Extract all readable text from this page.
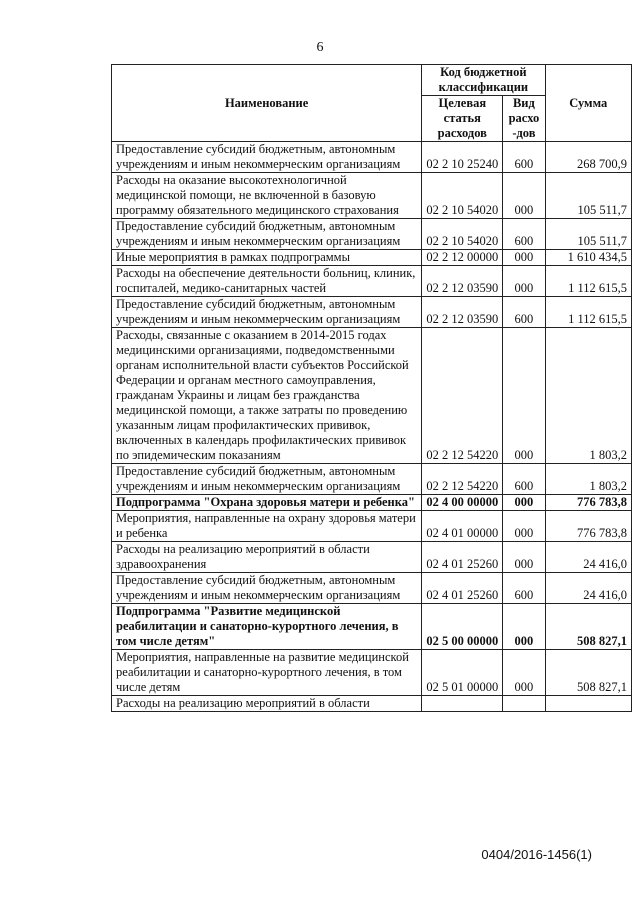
6
Наименование	Код бюджетной классификации		Сумма
	Целевая статья расходов	Вид расхо -дов	
Предоставление субсидий бюджетным, автономным учреждениям и иным некоммерческим организациям	02 2 10 25240	600	268 700,9
Расходы на оказание высокотехнологичной медицинской помощи, не включенной в базовую программу обязательного медицинского страхования	02 2 10 54020	000	105 511,7
Предоставление субсидий бюджетным, автономным учреждениям и иным некоммерческим организациям	02 2 10 54020	600	105 511,7
Иные мероприятия в рамках подпрограммы	02 2 12 00000	000	1 610 434,5
Расходы на обеспечение деятельности больниц, клиник, госпиталей, медико-санитарных частей	02 2 12 03590	000	1 112 615,5
Предоставление субсидий бюджетным, автономным учреждениям и иным некоммерческим организациям	02 2 12 03590	600	1 112 615,5
Расходы, связанные с оказанием в 2014-2015 годах медицинскими организациями, подведомственными органам исполнительной власти субъектов Российской Федерации и органам местного самоуправления, гражданам Украины и лицам без гражданства медицинской помощи, а также затраты по проведению указанным лицам профилактических прививок, включенных в календарь профилактических прививок по эпидемическим показаниям	02 2 12 54220	000	1 803,2
Предоставление субсидий бюджетным, автономным учреждениям и иным некоммерческим организациям	02 2 12 54220	600	1 803,2
Подпрограмма "Охрана здоровья матери и ребенка"	02 4 00 00000	000	776 783,8
Мероприятия, направленные на охрану здоровья матери и ребенка	02 4 01 00000	000	776 783,8
Расходы на реализацию мероприятий в области здравоохранения	02 4 01 25260	000	24 416,0
Предоставление субсидий бюджетным, автономным учреждениям и иным некоммерческим организациям	02 4 01 25260	600	24 416,0
Подпрограмма "Развитие медицинской реабилитации и санаторно-курортного лечения, в том числе детям"	02 5 00 00000	000	508 827,1
Мероприятия, направленные на развитие медицинской реабилитации и санаторно-курортного лечения, в том числе детям	02 5 01 00000	000	508 827,1
Расходы на реализацию мероприятий в области			
0404/2016-1456(1)
